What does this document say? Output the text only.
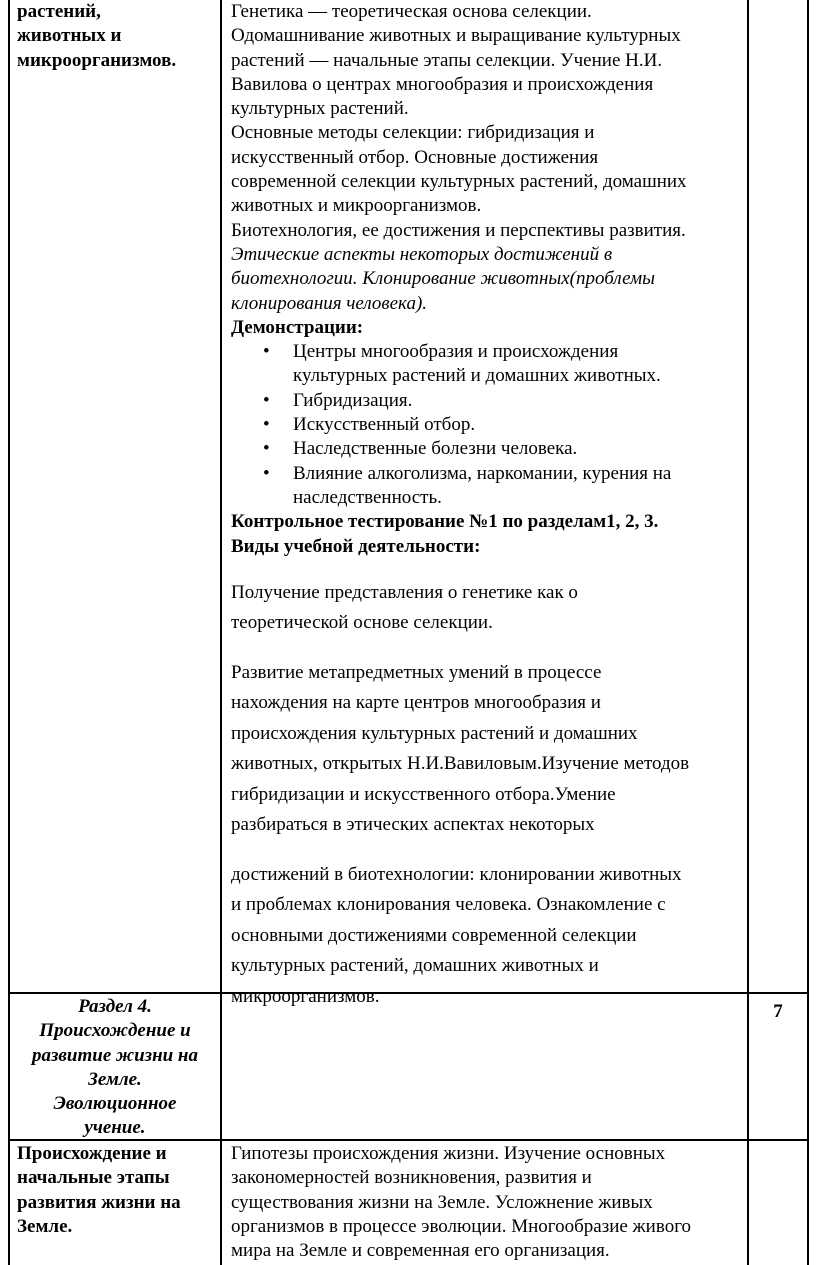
растений,
животных и
микроорганизмов.
Генетика — теоретическая основа селекции.
Одомашнивание животных и выращивание культурных
растений — начальные этапы селекции. Учение Н.И.
Вавилова о центрах многообразия и происхождения
культурных растений.
Основные методы селекции: гибридизация и
искусственный отбор. Основные достижения
современной селекции культурных растений, домашних
животных и микроорганизмов.
Биотехнология, ее достижения и перспективы развития.
Этические аспекты некоторых достижений в
биотехнологии. Клонирование животных(проблемы
клонирования человека).
Демонстрации:
• Центры многообразия и происхождения
культурных растений и домашних животных.
• Гибридизация.
• Искусственный отбор.
• Наследственные болезни человека.
• Влияние алкоголизма, наркомании, курения на
наследственность.
Контрольное тестирование №1 по разделам1, 2, 3.
Виды учебной деятельности:
Получение представления о генетике как о
теоретической основе селекции.
Развитие метапредметных умений в процессе
нахождения на карте центров многообразия и
происхождения культурных растений и домашних
животных, открытых Н.И.Вавиловым.Изучение методов
гибридизации и искусственного отбора.Умение
разбираться в этических аспектах некоторых
достижений в биотехнологии: клонировании животных
и проблемах клонирования человека. Ознакомление с
основными достижениями современной селекции
культурных растений, домашних животных и
микроорганизмов.
Раздел 4.
Происхождение и
развитие жизни на
Земле.
Эволюционное
учение.
7
Происхождение и
начальные этапы
развития жизни на
Земле.
Гипотезы происхождения жизни. Изучение основных
закономерностей возникновения, развития и
существования жизни на Земле. Усложнение живых
организмов в процессе эволюции. Многообразие живого
мира на Земле и современная его организация.
